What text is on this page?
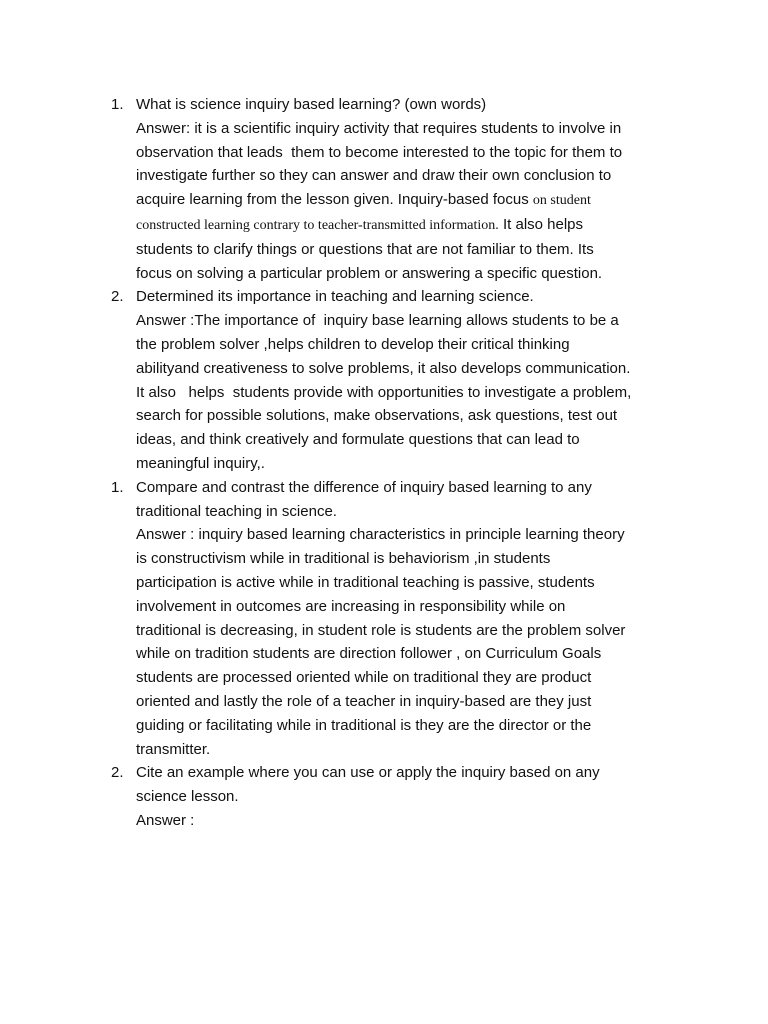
1. What is science inquiry based learning? (own words)
Answer: it is a scientific inquiry activity that requires students to involve in
observation that leads  them to become interested to the topic for them to
investigate further so they can answer and draw their own conclusion to
acquire learning from the lesson given. Inquiry-based focus on student
constructed learning contrary to teacher-transmitted information. It also helps
students to clarify things or questions that are not familiar to them. Its
focus on solving a particular problem or answering a specific question.
2. Determined its importance in teaching and learning science.
Answer :The importance of  inquiry base learning allows students to be a
the problem solver ,helps children to develop their critical thinking
abilityand creativeness to solve problems, it also develops communication.
It also   helps  students provide with opportunities to investigate a problem,
search for possible solutions, make observations, ask questions, test out
ideas, and think creatively and formulate questions that can lead to
meaningful inquiry,.
1. Compare and contrast the difference of inquiry based learning to any
traditional teaching in science.
Answer : inquiry based learning characteristics in principle learning theory
is constructivism while in traditional is behaviorism ,in students
participation is active while in traditional teaching is passive, students
involvement in outcomes are increasing in responsibility while on
traditional is decreasing, in student role is students are the problem solver
while on tradition students are direction follower , on Curriculum Goals
students are processed oriented while on traditional they are product
oriented and lastly the role of a teacher in inquiry-based are they just
guiding or facilitating while in traditional is they are the director or the
transmitter.
2. Cite an example where you can use or apply the inquiry based on any
science lesson.
Answer :
